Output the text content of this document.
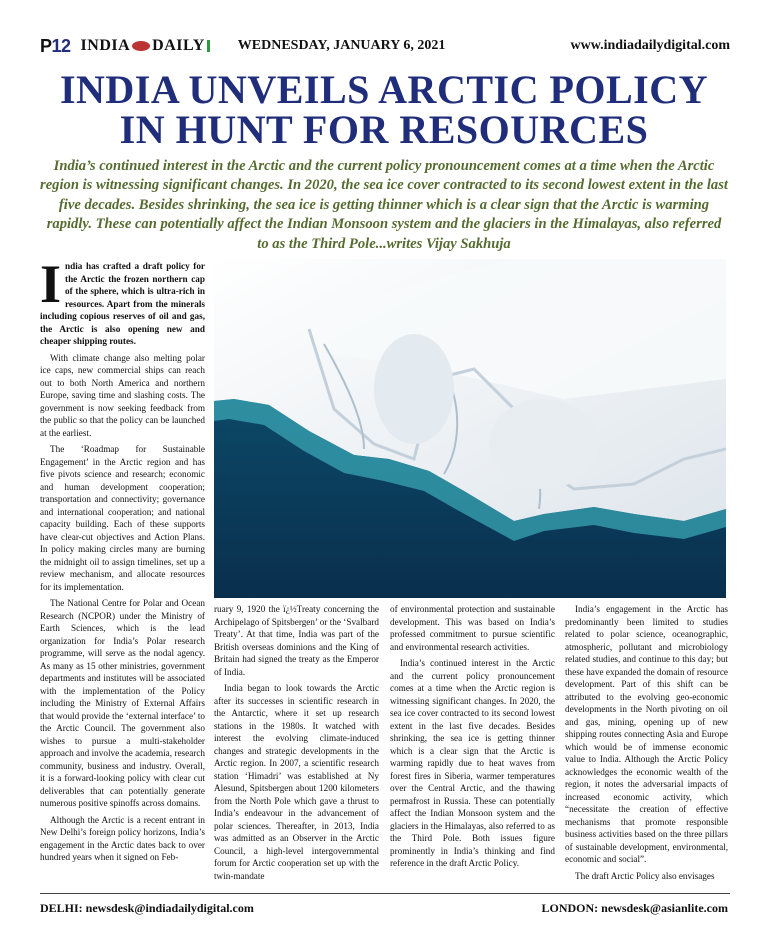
P12 INDIA DAILY	WEDNESDAY, JANUARY 6, 2021	www.indiadailydigital.com
INDIA UNVEILS ARCTIC POLICY
IN HUNT FOR RESOURCES
India’s continued interest in the Arctic and the current policy pronouncement comes at a time when the Arctic region is witnessing significant changes. In 2020, the sea ice cover contracted to its second lowest extent in the last five decades. Besides shrinking, the sea ice is getting thinner which is a clear sign that the Arctic is warming rapidly. These can potentially affect the Indian Monsoon system and the glaciers in the Himalayas, also referred to as the Third Pole...writes Vijay Sakhuja

India has crafted a draft policy for the Arctic the frozen northern cap of the sphere, which is ultra-rich in resources. Apart from the minerals including copious reserves of oil and gas, the Arctic is also opening new and cheaper shipping routes.

With climate change also melting polar ice caps, new commercial ships can reach out to both North America and northern Europe, saving time and slashing costs. The government is now seeking feedback from the public so that the policy can be launched at the earliest.

The ‘Roadmap for Sustainable Engagement’ in the Arctic region and has five pivots science and research; economic and human development cooperation; transportation and connectivity; governance and international cooperation; and national capacity building. Each of these supports have clear-cut objectives and Action Plans. In policy making circles many are burning the midnight oil to assign timelines, set up a review mechanism, and allocate resources for its implementation.

The National Centre for Polar and Ocean Research (NCPOR) under the Ministry of Earth Sciences, which is the lead organization for India’s Polar research programme, will serve as the nodal agency. As many as 15 other ministries, government departments and institutes will be associated with the implementation of the Policy including the Ministry of External Affairs that would provide the ‘external interface’ to the Arctic Council. The government also wishes to pursue a multi-stakeholder approach and involve the academia, research community, business and industry. Overall, it is a forward-looking policy with clear cut deliverables that can potentially generate numerous positive spinoffs across domains.

Although the Arctic is a recent entrant in New Delhi’s foreign policy horizons, India’s engagement in the Arctic dates back to over hundred years when it signed on Feb-

ruary 9, 1920 the ï¿½Treaty concerning the Archipelago of Spitsbergen’ or the ‘Svalbard Treaty’. At that time, India was part of the British overseas dominions and the King of Britain had signed the treaty as the Emperor of India.

India began to look towards the Arctic after its successes in scientific research in the Antarctic, where it set up research stations in the 1980s. It watched with interest the evolving climate-induced changes and strategic developments in the Arctic region. In 2007, a scientific research station ‘Himadri’ was established at Ny Alesund, Spitsbergen about 1200 kilometers from the North Pole which gave a thrust to India’s endeavour in the advancement of polar sciences. Thereafter, in 2013, India was admitted as an Observer in the Arctic Council, a high-level intergovernmental forum for Arctic cooperation set up with the twin-mandate

of environmental protection and sustainable development. This was based on India’s professed commitment to pursue scientific and environmental research activities.

India’s continued interest in the Arctic and the current policy pronouncement comes at a time when the Arctic region is witnessing significant changes. In 2020, the sea ice cover contracted to its second lowest extent in the last five decades. Besides shrinking, the sea ice is getting thinner which is a clear sign that the Arctic is warming rapidly due to heat waves from forest fires in Siberia, warmer temperatures over the Central Arctic, and the thawing permafrost in Russia. These can potentially affect the Indian Monsoon system and the glaciers in the Himalayas, also referred to as the Third Pole. Both issues figure prominently in India’s thinking and find reference in the draft Arctic Policy.

India’s engagement in the Arctic has predominantly been limited to studies related to polar science, oceanographic, atmospheric, pollutant and microbiology related studies, and continue to this day; but these have expanded the domain of resource development. Part of this shift can be attributed to the evolving geo-economic developments in the North pivoting on oil and gas, mining, opening up of new shipping routes connecting Asia and Europe which would be of immense economic value to India. Although the Arctic Policy acknowledges the economic wealth of the region, it notes the adversarial impacts of increased economic activity, which “necessitate the creation of effective mechanisms that promote responsible business activities based on the three pillars of sustainable development, environmental, economic and social”.

The draft Arctic Policy also envisages

DELHI: newsdesk@indiadailydigital.com	LONDON: newsdesk@asianlite.com
